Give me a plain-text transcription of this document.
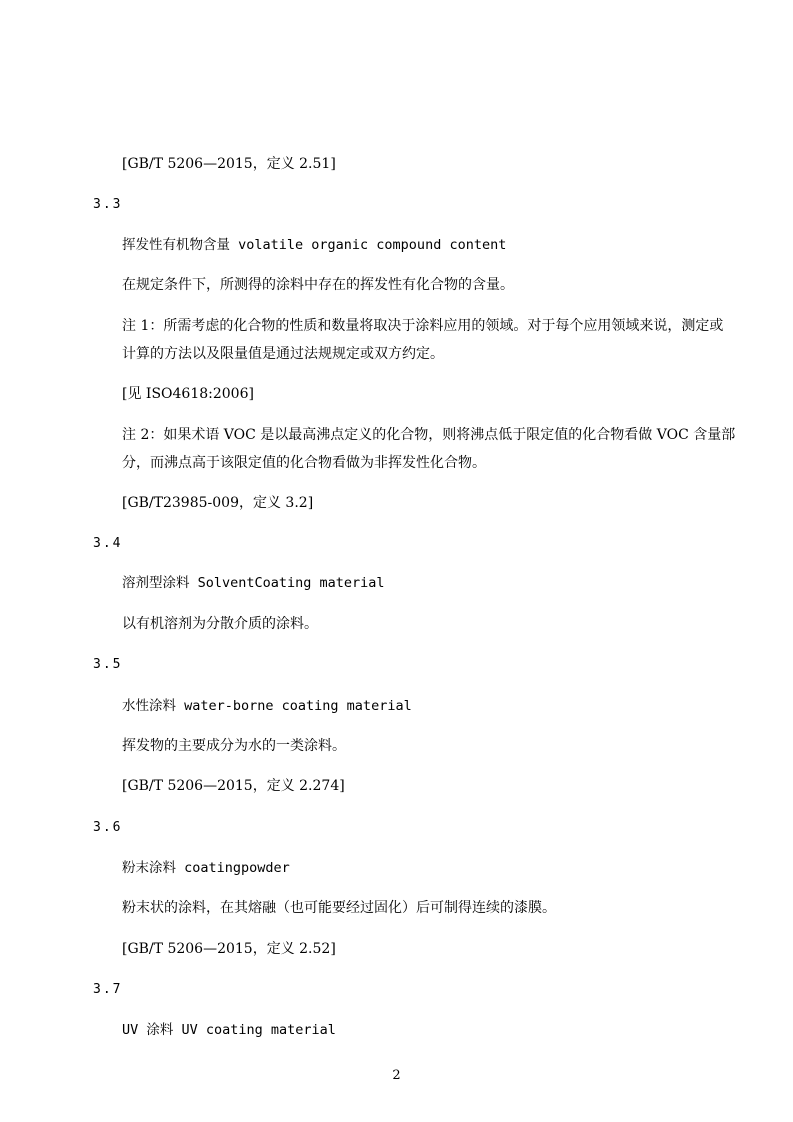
[GB/T 5206—2015，定义 2.51]
3.3
挥发性有机物含量 volatile organic compound content
在规定条件下，所测得的涂料中存在的挥发性有化合物的含量。
注 1：所需考虑的化合物的性质和数量将取决于涂料应用的领域。对于每个应用领域来说，测定或
计算的方法以及限量值是通过法规规定或双方约定。
[见 ISO4618:2006]
注 2：如果术语 VOC 是以最高沸点定义的化合物，则将沸点低于限定值的化合物看做 VOC 含量部
分，而沸点高于该限定值的化合物看做为非挥发性化合物。
[GB/T23985-009，定义 3.2]
3.4
溶剂型涂料 SolventCoating material
以有机溶剂为分散介质的涂料。
3.5
水性涂料 water-borne coating material
挥发物的主要成分为水的一类涂料。
[GB/T 5206—2015，定义 2.274]
3.6
粉末涂料 coatingpowder
粉末状的涂料，在其熔融（也可能要经过固化）后可制得连续的漆膜。
[GB/T 5206—2015，定义 2.52]
3.7
UV 涂料 UV coating material
2
